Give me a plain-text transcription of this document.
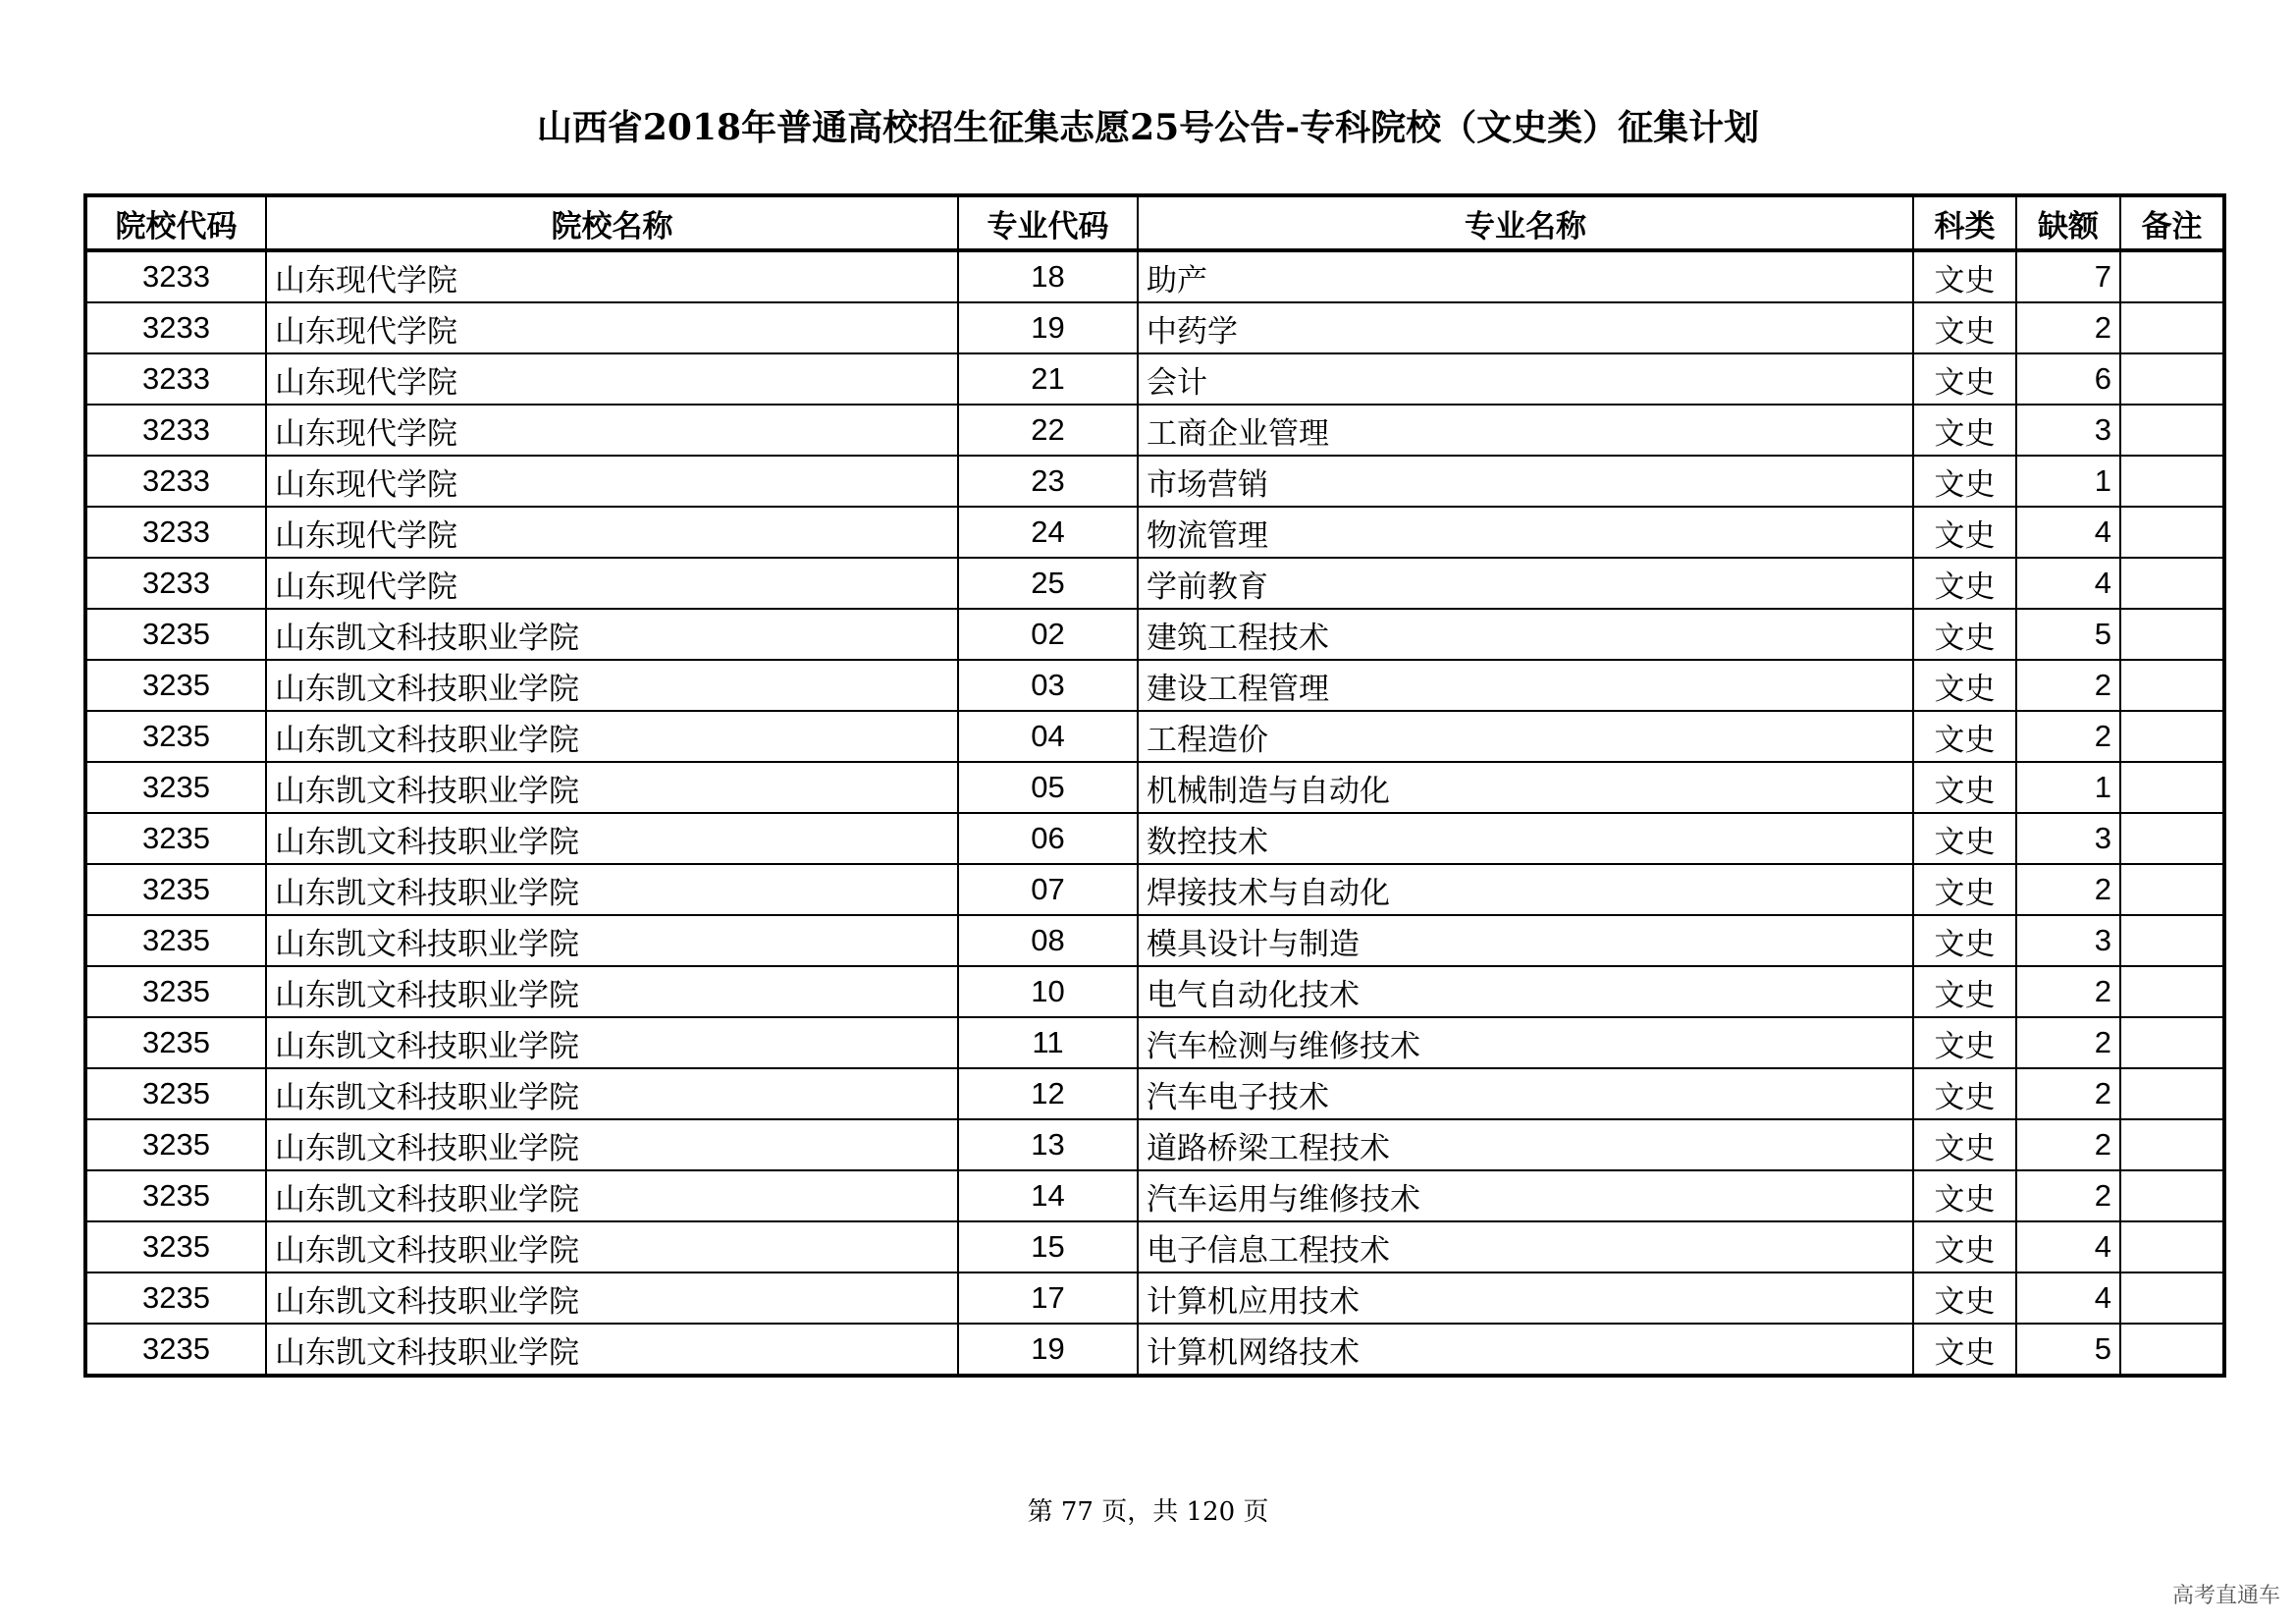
山西省2018年普通高校招生征集志愿25号公告-专科院校（文史类）征集计划
院校代码	院校名称	专业代码	专业名称	科类	缺额	备注
3233	山东现代学院	18	助产	文史	7	
3233	山东现代学院	19	中药学	文史	2	
3233	山东现代学院	21	会计	文史	6	
3233	山东现代学院	22	工商企业管理	文史	3	
3233	山东现代学院	23	市场营销	文史	1	
3233	山东现代学院	24	物流管理	文史	4	
3233	山东现代学院	25	学前教育	文史	4	
3235	山东凯文科技职业学院	02	建筑工程技术	文史	5	
3235	山东凯文科技职业学院	03	建设工程管理	文史	2	
3235	山东凯文科技职业学院	04	工程造价	文史	2	
3235	山东凯文科技职业学院	05	机械制造与自动化	文史	1	
3235	山东凯文科技职业学院	06	数控技术	文史	3	
3235	山东凯文科技职业学院	07	焊接技术与自动化	文史	2	
3235	山东凯文科技职业学院	08	模具设计与制造	文史	3	
3235	山东凯文科技职业学院	10	电气自动化技术	文史	2	
3235	山东凯文科技职业学院	11	汽车检测与维修技术	文史	2	
3235	山东凯文科技职业学院	12	汽车电子技术	文史	2	
3235	山东凯文科技职业学院	13	道路桥梁工程技术	文史	2	
3235	山东凯文科技职业学院	14	汽车运用与维修技术	文史	2	
3235	山东凯文科技职业学院	15	电子信息工程技术	文史	4	
3235	山东凯文科技职业学院	17	计算机应用技术	文史	4	
3235	山东凯文科技职业学院	19	计算机网络技术	文史	5	
第 77 页，共 120 页
高考直通车
